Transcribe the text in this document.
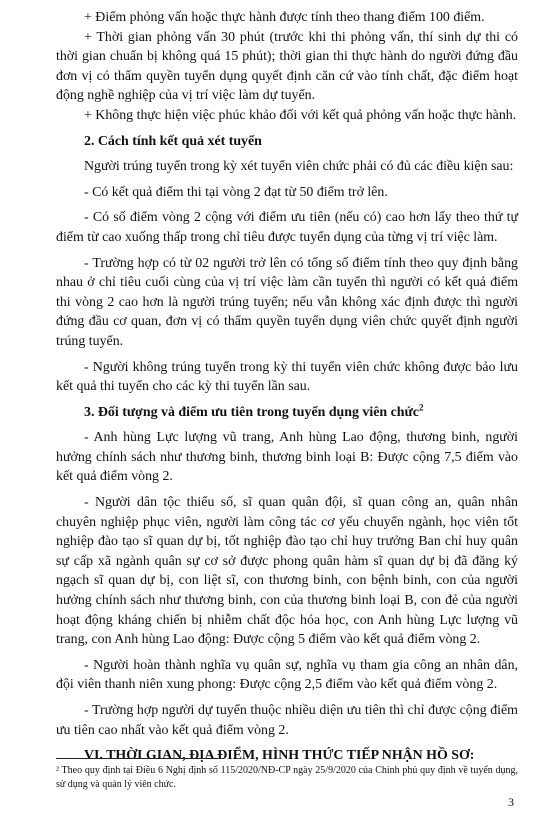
+ Điểm phỏng vấn hoặc thực hành được tính theo thang điểm 100 điểm.

+ Thời gian phỏng vấn 30 phút (trước khi thi phỏng vấn, thí sinh dự thi có thời gian chuẩn bị không quá 15 phút); thời gian thi thực hành do người đứng đầu đơn vị có thẩm quyền tuyển dụng quyết định căn cứ vào tính chất, đặc điểm hoạt động nghề nghiệp của vị trí việc làm dự tuyển.

+ Không thực hiện việc phúc khảo đối với kết quả phỏng vấn hoặc thực hành.

2. Cách tính kết quả xét tuyển

Người trúng tuyển trong kỳ xét tuyển viên chức phải có đủ các điều kiện sau:

- Có kết quả điểm thi tại vòng 2 đạt từ 50 điểm trở lên.

- Có số điểm vòng 2 cộng với điểm ưu tiên (nếu có) cao hơn lấy theo thứ tự điểm từ cao xuống thấp trong chỉ tiêu được tuyển dụng của từng vị trí việc làm.

- Trường hợp có từ 02 người trở lên có tổng số điểm tính theo quy định bằng nhau ở chỉ tiêu cuối cùng của vị trí việc làm cần tuyển thì người có kết quả điểm thi vòng 2 cao hơn là người trúng tuyển; nếu vẫn không xác định được thì người đứng đầu cơ quan, đơn vị có thẩm quyền tuyển dụng viên chức quyết định người trúng tuyển.

- Người không trúng tuyển trong kỳ thi tuyển viên chức không được bảo lưu kết quả thi tuyển cho các kỳ thi tuyển lần sau.

3. Đối tượng và điểm ưu tiên trong tuyển dụng viên chức$^2$

- Anh hùng Lực lượng vũ trang, Anh hùng Lao động, thương binh, người hưởng chính sách như thương binh, thương binh loại B: Được cộng 7,5 điểm vào kết quả điểm vòng 2.

- Người dân tộc thiểu số, sĩ quan quân đội, sĩ quan công an, quân nhân chuyên nghiệp phục viên, người làm công tác cơ yếu chuyển ngành, học viên tốt nghiệp đào tạo sĩ quan dự bị, tốt nghiệp đào tạo chỉ huy trưởng Ban chỉ huy quân sự cấp xã ngành quân sự cơ sở được phong quân hàm sĩ quan dự bị đã đăng ký ngạch sĩ quan dự bị, con liệt sĩ, con thương binh, con bệnh binh, con của người hưởng chính sách như thương binh, con của thương binh loại B, con đẻ của người hoạt động kháng chiến bị nhiễm chất độc hóa học, con Anh hùng Lực lượng vũ trang, con Anh hùng Lao động: Được cộng 5 điểm vào kết quả điểm vòng 2.

- Người hoàn thành nghĩa vụ quân sự, nghĩa vụ tham gia công an nhân dân, đội viên thanh niên xung phong: Được cộng 2,5 điểm vào kết quả điểm vòng 2.

- Trường hợp người dự tuyển thuộc nhiều diện ưu tiên thì chỉ được cộng điểm ưu tiên cao nhất vào kết quả điểm vòng 2.

VI. THỜI GIAN, ĐỊA ĐIỂM, HÌNH THỨC TIẾP NHẬN HỒ SƠ:

² Theo quy định tại Điều 6 Nghị định số 115/2020/NĐ-CP ngày 25/9/2020 của Chính phủ quy định về tuyển dụng, sử dụng và quản lý viên chức.
3
